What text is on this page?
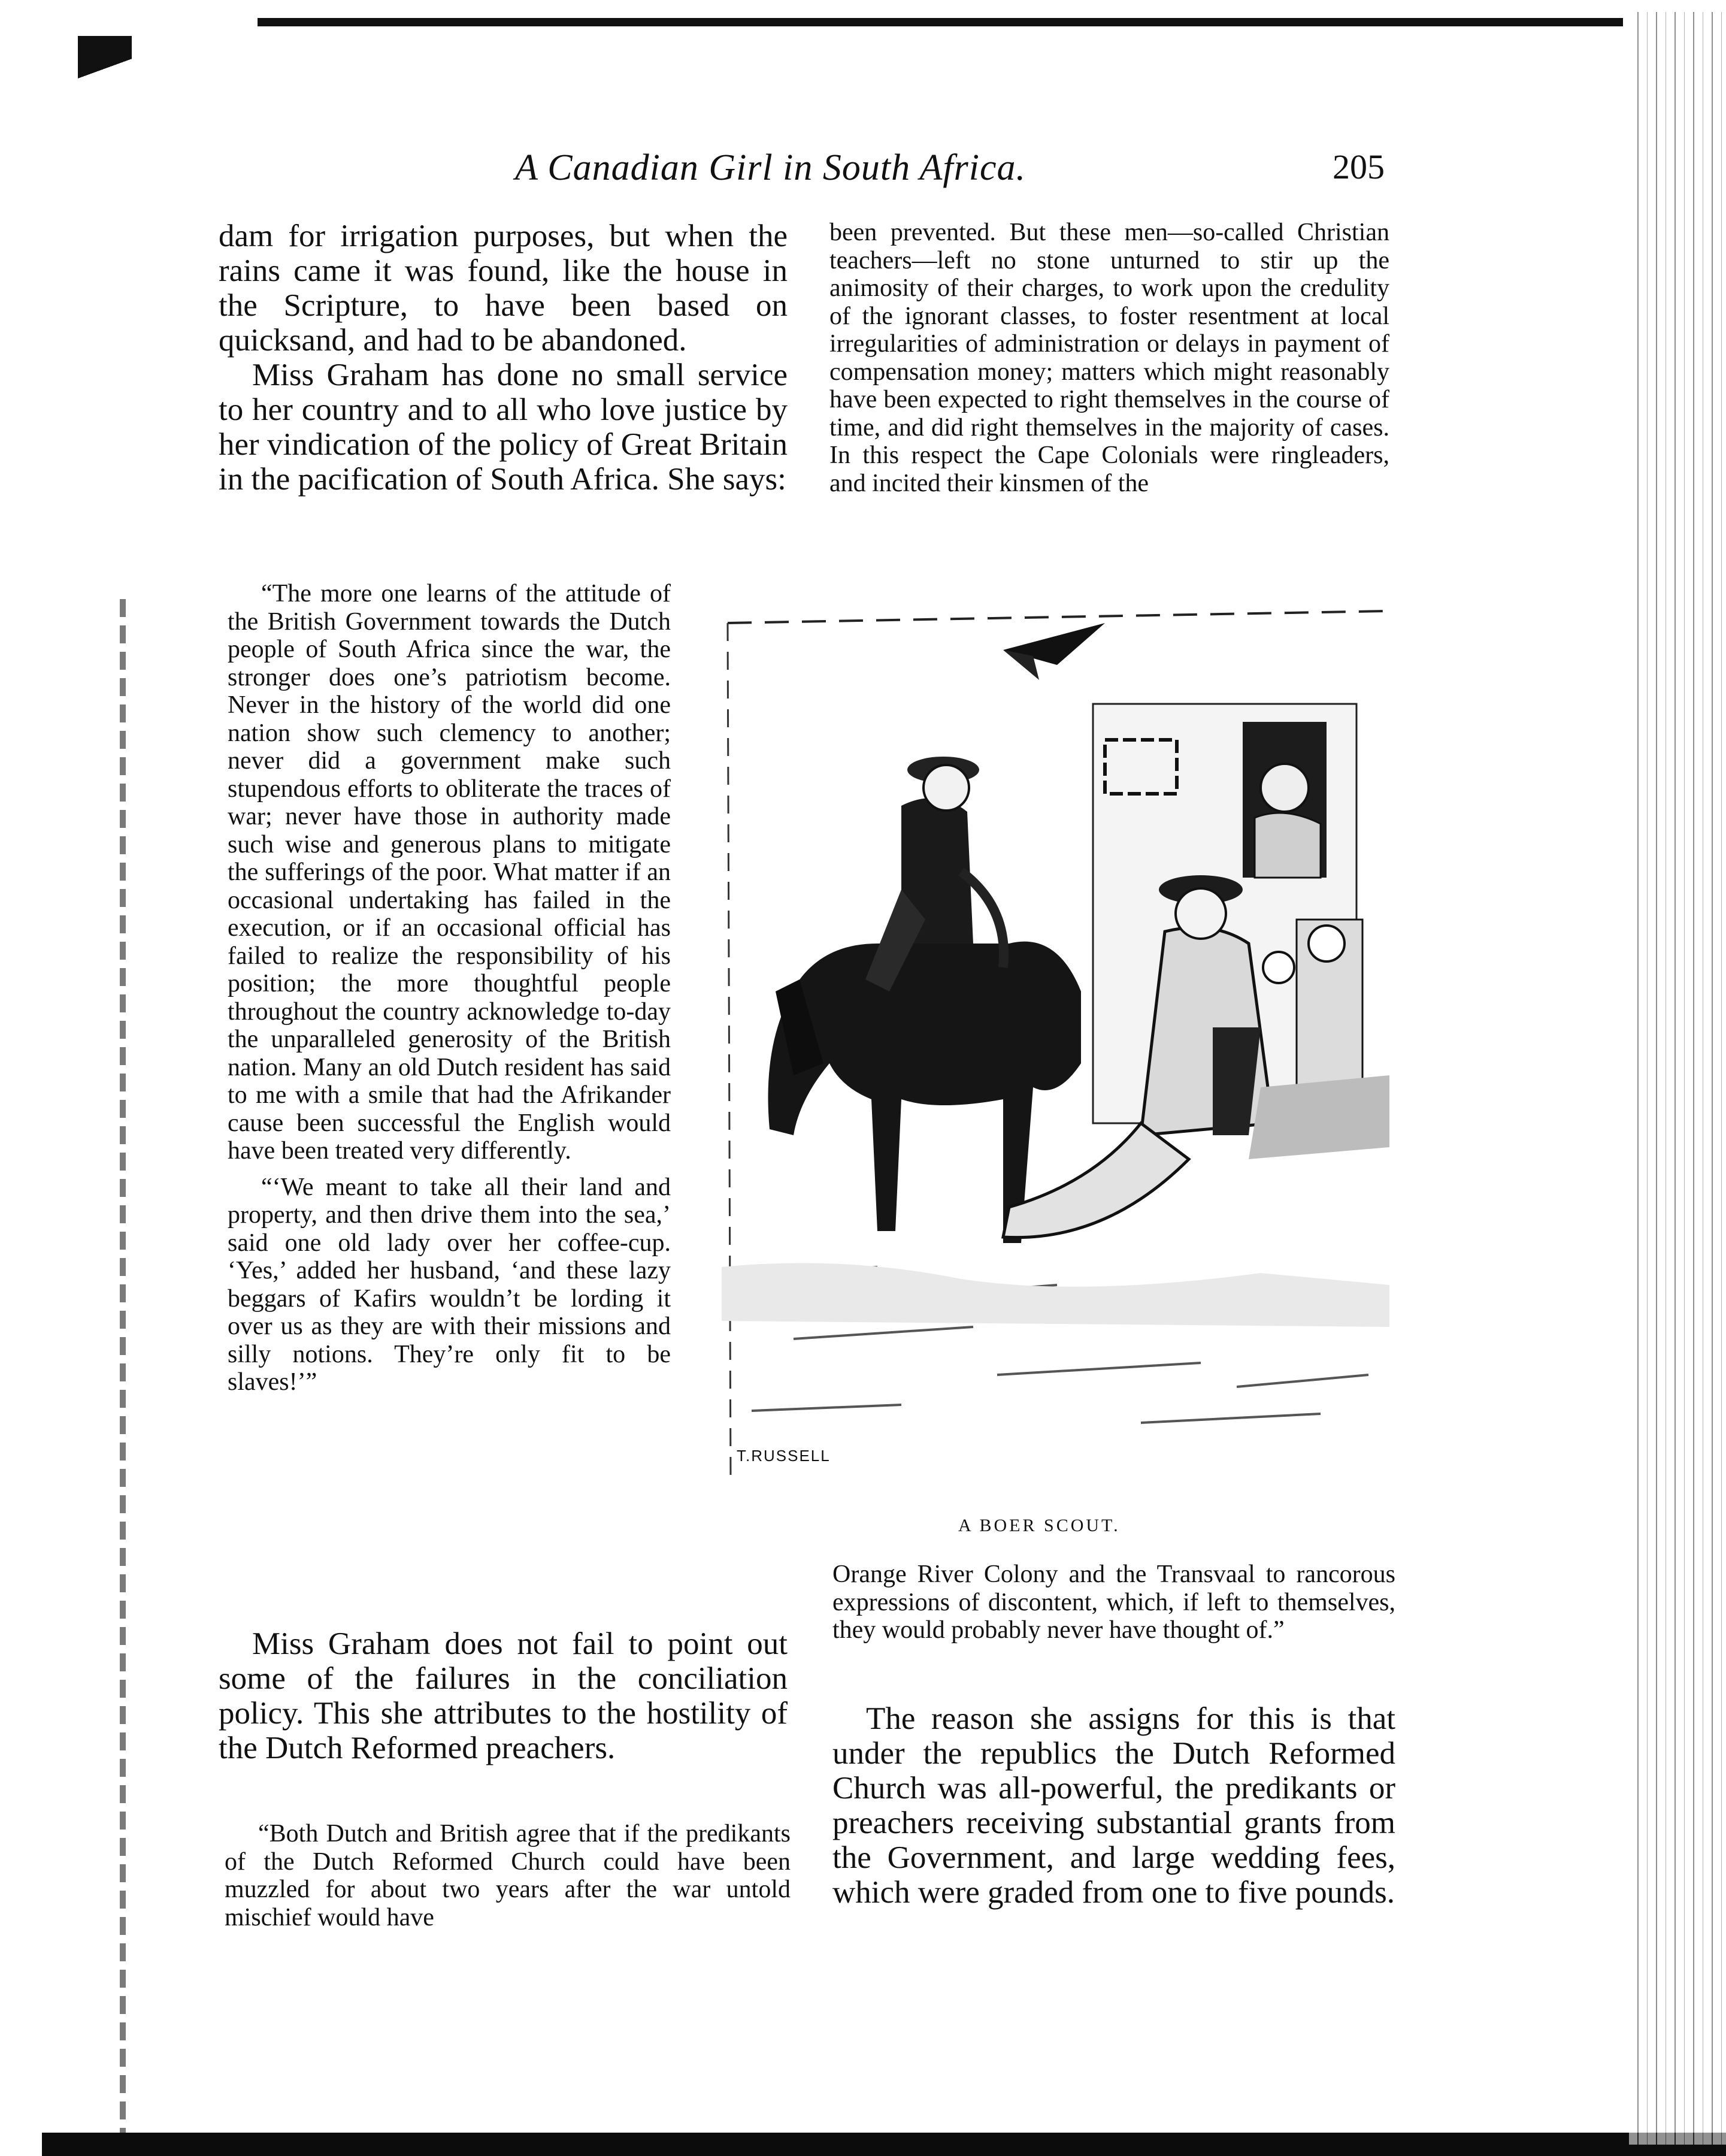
A Canadian Girl in South Africa.	205

dam for irrigation purposes, but when the rains came it was found, like the house in the Scripture, to have been based on quicksand, and had to be abandoned.

Miss Graham has done no small service to her country and to all who love justice by her vindication of the policy of Great Britain in the pacification of South Africa. She says:

“The more one learns of the attitude of the British Government towards the Dutch people of South Africa since the war, the stronger does one’s patriotism become. Never in the history of the world did one nation show such clemency to another; never did a government make such stupendous efforts to obliterate the traces of war; never have those in authority made such wise and generous plans to mitigate the sufferings of the poor. What matter if an occasional undertaking has failed in the execution, or if an occasional official has failed to realize the responsibility of his position; the more thoughtful people throughout the country acknowledge to-day the unparalleled generosity of the British nation. Many an old Dutch resident has said to me with a smile that had the Afrikander cause been successful the English would have been treated very differently.

“‘We meant to take all their land and property, and then drive them into the sea,’ said one old lady over her coffee-cup. ‘Yes,’ added her husband, ‘and these lazy beggars of Kafirs wouldn’t be lording it over us as they are with their missions and silly notions. They’re only fit to be slaves!’”

Miss Graham does not fail to point out some of the failures in the conciliation policy. This she attributes to the hostility of the Dutch Reformed preachers.

“Both Dutch and British agree that if the predikants of the Dutch Reformed Church could have been muzzled for about two years after the war untold mischief would have

been prevented. But these men—so-called Christian teachers—left no stone unturned to stir up the animosity of their charges, to work upon the credulity of the ignorant classes, to foster resentment at local irregularities of administration or delays in payment of compensation money; matters which might reasonably have been expected to right themselves in the course of time, and did right themselves in the majority of cases. In this respect the Cape Colonials were ringleaders, and incited their kinsmen of the

T.RUSSELL
A BOER SCOUT.

Orange River Colony and the Transvaal to rancorous expressions of discontent, which, if left to themselves, they would probably never have thought of.”

The reason she assigns for this is that under the republics the Dutch Reformed Church was all-powerful, the predikants or preachers receiving substantial grants from the Government, and large wedding fees, which were graded from one to five pounds.
